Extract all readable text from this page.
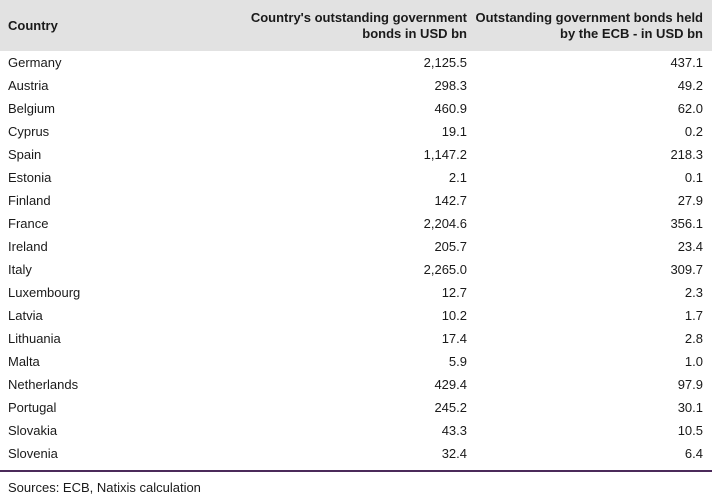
Country	Country's outstanding government bonds in USD bn	Outstanding government bonds held by the ECB - in USD bn
Germany	2,125.5	437.1
Austria	298.3	49.2
Belgium	460.9	62.0
Cyprus	19.1	0.2
Spain	1,147.2	218.3
Estonia	2.1	0.1
Finland	142.7	27.9
France	2,204.6	356.1
Ireland	205.7	23.4
Italy	2,265.0	309.7
Luxembourg	12.7	2.3
Latvia	10.2	1.7
Lithuania	17.4	2.8
Malta	5.9	1.0
Netherlands	429.4	97.9
Portugal	245.2	30.1
Slovakia	43.3	10.5
Slovenia	32.4	6.4
Sources: ECB, Natixis calculation
